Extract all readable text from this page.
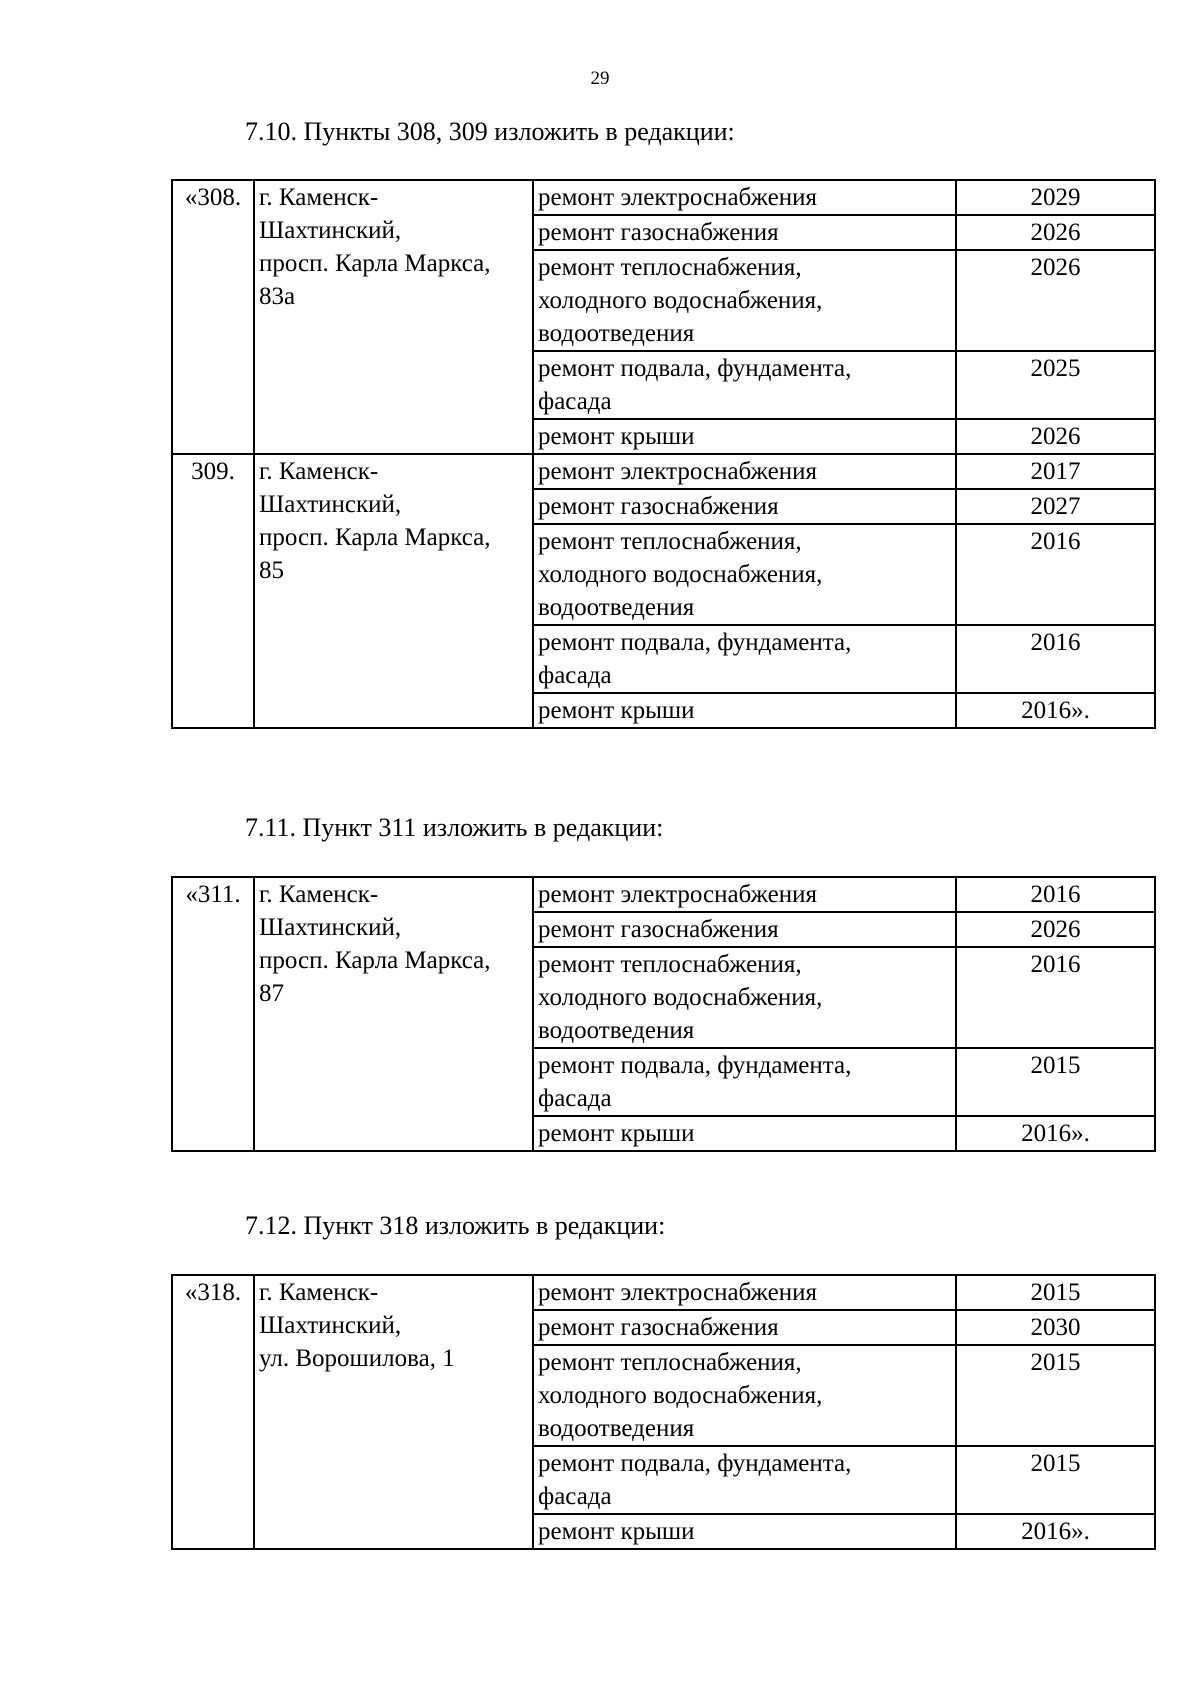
29
7.10. Пункты 308, 309 изложить в редакции:
«308.	г. Каменск-
Шахтинский,
просп. Карла Маркса,
83а	ремонт электроснабжения	2029

		ремонт газоснабжения	2026

		ремонт теплоснабжения,
холодного водоснабжения,
водоотведения	2026

		ремонт подвала, фундамента,
фасада	2025

		ремонт крыши	2026
309.	г. Каменск-
Шахтинский,
просп. Карла Маркса,
85	ремонт электроснабжения	2017

		ремонт газоснабжения	2027

		ремонт теплоснабжения,
холодного водоснабжения,
водоотведения	2016

		ремонт подвала, фундамента,
фасада	2016

		ремонт крыши	2016».
7.11. Пункт 311 изложить в редакции:
«311.	г. Каменск-
Шахтинский,
просп. Карла Маркса,
87	ремонт электроснабжения	2016

		ремонт газоснабжения	2026

		ремонт теплоснабжения,
холодного водоснабжения,
водоотведения	2016

		ремонт подвала, фундамента,
фасада	2015

		ремонт крыши	2016».
7.12. Пункт 318 изложить в редакции:
«318.	г. Каменск-
Шахтинский,
ул. Ворошилова, 1	ремонт электроснабжения	2015

		ремонт газоснабжения	2030

		ремонт теплоснабжения,
холодного водоснабжения,
водоотведения	2015

		ремонт подвала, фундамента,
фасада	2015

		ремонт крыши	2016».
